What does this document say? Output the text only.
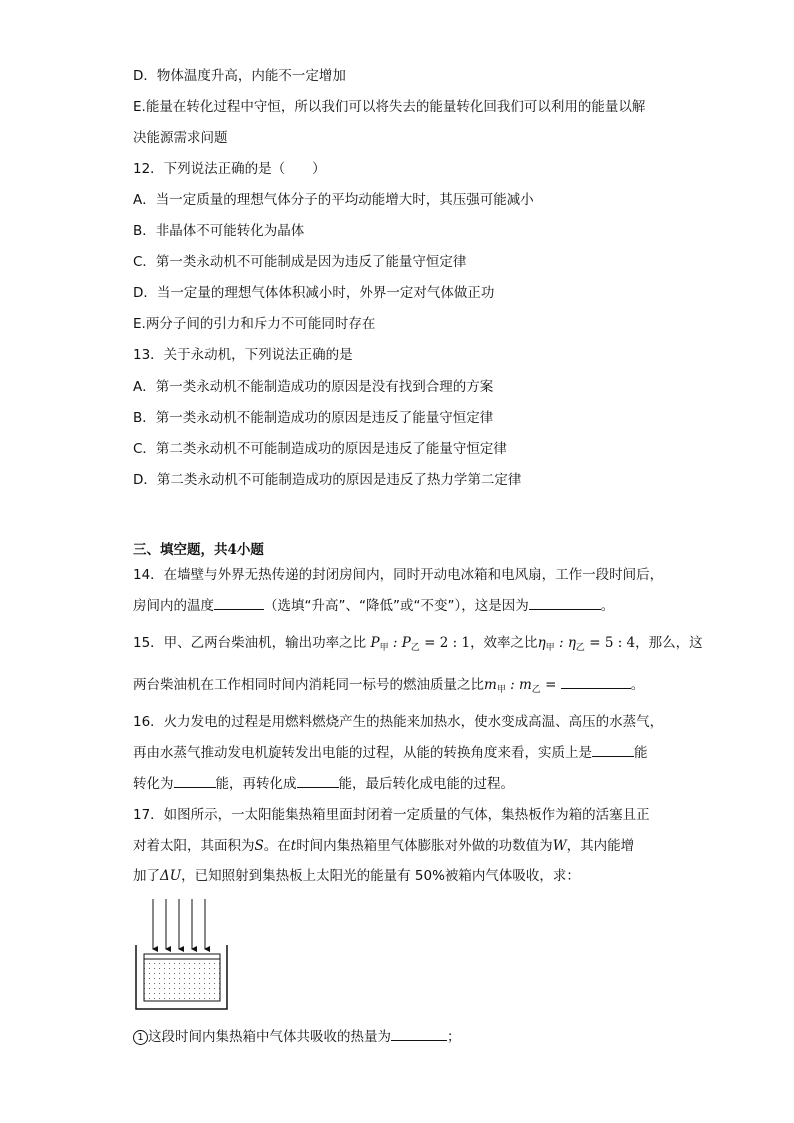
D．物体温度升高，内能不一定增加
E.能量在转化过程中守恒，所以我们可以将失去的能量转化回我们可以利用的能量以解
决能源需求问题
12．下列说法正确的是（　　）
A．当一定质量的理想气体分子的平均动能增大时，其压强可能减小
B．非晶体不可能转化为晶体
C．第一类永动机不可能制成是因为违反了能量守恒定律
D．当一定量的理想气体体积减小时，外界一定对气体做正功
E.两分子间的引力和斥力不可能同时存在
13．关于永动机，下列说法正确的是
A．第一类永动机不能制造成功的原因是没有找到合理的方案
B．第一类永动机不能制造成功的原因是违反了能量守恒定律
C．第二类永动机不可能制造成功的原因是违反了能量守恒定律
D．第二类永动机不可能制造成功的原因是违反了热力学第二定律
三、填空题，共4小题
14．在墙壁与外界无热传递的封闭房间内，同时开动电冰箱和电风扇，工作一段时间后，
房间内的温度	（选填“升高”、“降低”或“不变”），这是因为	。
15．甲、乙两台柴油机，输出功率之比 $P_甲$ : $P_乙 = 2$ : 1，效率之比$\eta_甲$ : $\eta_乙 = 5$ : 4，那么，这
两台柴油机在工作相同时间内消耗同一标号的燃油质量之比$m_甲$ : $m_乙$ =	。
16．火力发电的过程是用燃料燃烧产生的热能来加热水，使水变成高温、高压的水蒸气，
再由水蒸气推动发电机旋转发出电能的过程，从能的转换角度来看，实质上是	能
转化为	能，再转化成	能，最后转化成电能的过程。
17．如图所示，一太阳能集热箱里面封闭着一定质量的气体，集热板作为箱的活塞且正
对着太阳，其面积为S。在t时间内集热箱里气体膨胀对外做的功数值为W，其内能增
加了ΔU，已知照射到集热板上太阳光的能量有 50%被箱内气体吸收，求：
1 这段时间内集热箱中气体共吸收的热量为	；
